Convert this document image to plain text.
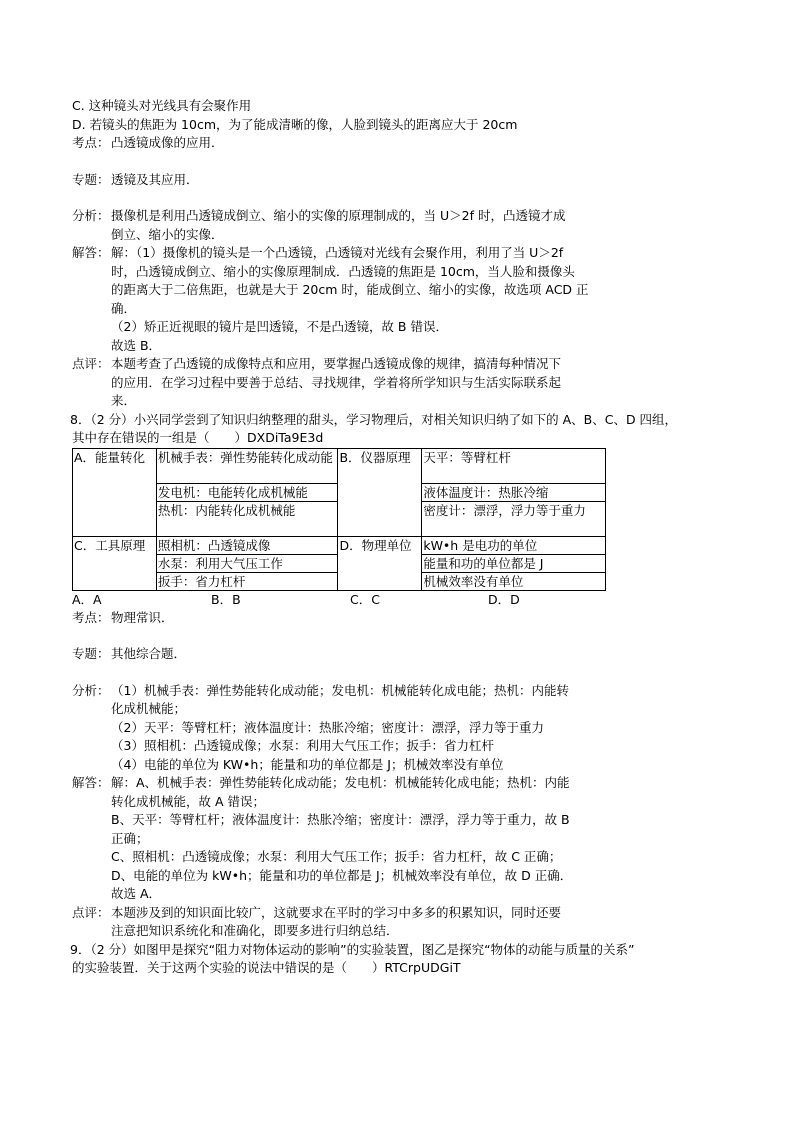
C. 这种镜头对光线具有会聚作用
D. 若镜头的焦距为 10cm，为了能成清晰的像，人脸到镜头的距离应大于 20cm
考点：凸透镜成像的应用．
专题：透镜及其应用．
分析：摄像机是利用凸透镜成倒立、缩小的实像的原理制成的，当 U＞2f 时，凸透镜才成
倒立、缩小的实像．
解答：解：（1）摄像机的镜头是一个凸透镜，凸透镜对光线有会聚作用，利用了当 U＞2f
时，凸透镜成倒立、缩小的实像原理制成．凸透镜的焦距是 10cm，当人脸和摄像头
的距离大于二倍焦距，也就是大于 20cm 时，能成倒立、缩小的实像，故选项 ACD 正
确．
（2）矫正近视眼的镜片是凹透镜，不是凸透镜，故 B 错误．
故选 B．
点评：本题考查了凸透镜的成像特点和应用，要掌握凸透镜成像的规律，搞清每种情况下
的应用．在学习过程中要善于总结、寻找规律，学着将所学知识与生活实际联系起
来．
8．（2 分）小兴同学尝到了知识归纳整理的甜头，学习物理后，对相关知识归纳了如下的 A、B、C、D 四组，
其中存在错误的一组是（　　）DXDiTa9E3d
A．能量转化	机械手表：弹性势能转化成动能	B．仪器原理	天平：等臂杠杆
	发电机：电能转化成机械能		液体温度计：热胀冷缩
	热机：内能转化成机械能		密度计：漂浮，浮力等于重力
C．工具原理	照相机：凸透镜成像	D．物理单位	kW•h 是电功的单位
	水泵：利用大气压工作		能量和功的单位都是 J
	扳手：省力杠杆		机械效率没有单位
A．A	B．B	C．C	D．D
考点：物理常识．
专题：其他综合题．
分析：（1）机械手表：弹性势能转化成动能；发电机：机械能转化成电能；热机：内能转
化成机械能；
（2）天平：等臂杠杆；液体温度计：热胀冷缩；密度计：漂浮，浮力等于重力
（3）照相机：凸透镜成像；水泵：利用大气压工作；扳手：省力杠杆
（4）电能的单位为 KW•h；能量和功的单位都是 J；机械效率没有单位
解答：解：A、机械手表：弹性势能转化成动能；发电机：机械能转化成电能；热机：内能
转化成机械能，故 A 错误；
B、天平：等臂杠杆；液体温度计：热胀冷缩；密度计：漂浮，浮力等于重力，故 B
正确；
C、照相机：凸透镜成像；水泵：利用大气压工作；扳手：省力杠杆，故 C 正确；
D、电能的单位为 kW•h；能量和功的单位都是 J；机械效率没有单位，故 D 正确．
故选 A．
点评：本题涉及到的知识面比较广，这就要求在平时的学习中多多的积累知识，同时还要
注意把知识系统化和准确化，即要多进行归纳总结．
9．（2 分）如图甲是探究“阻力对物体运动的影响”的实验装置，图乙是探究“物体的动能与质量的关系”
的实验装置．关于这两个实验的说法中错误的是（　　）RTCrpUDGiT
